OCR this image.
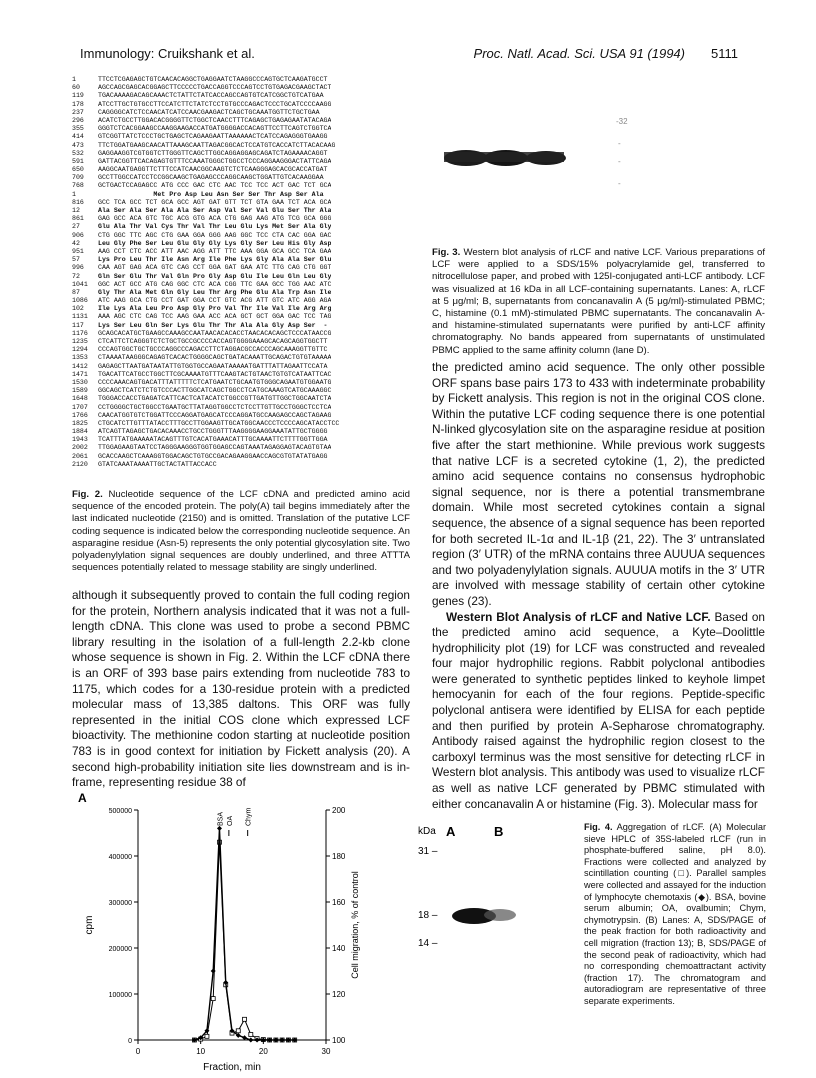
Immunology: Cruikshank et al.	Proc. Natl. Acad. Sci. USA 91 (1994) 5111
1	TTCCTCGAGAGCTGTCAACACAGGCTGAGGAATCTAAGGCCCAGTGCTCAAGATGCCT
60	AGCCAGCGAGCACGGAGCTTCCCCCTGACCAGGTCCCAGTCCTGTGAGACGAAGCTACT
119	TGACAAAAGACAGCAAACTCTATTCTATCACCAGCCAGTGTCATCGGCTGTCATGAA
178	ATCCTTGCTGTGCCTTCCATCTTCTATCTCCTGTGCCCAGACTCCCTGCATCCCCAAGG
237	CAGGGGCATCTCCAACATCATCCAACGAAGACTCAGCTGCAAATGGTTCTGCTGAA
296	ACATCTGCCTTGGACACGGGGTTCTGGCTCAACCTTTCAGAGCTGAGAGAATATACAGA
355	GGGTCTCACGGAAGCCAAGGAAGACCATGATGGGGACCACAGTTCCTTCAGTCTGGTCA
414	GTCGGTTATCTCCCTGCTGAGCTCAGAAGAATTAAAAAACTCATCCAGAGGGTGAAGG
473	TTCTGGATGAAGCAACATTAAAGCAATTAGACGGCACTCCATGTCACCATCTTACACAAG
532	GAGGAAGGTCGTGGTCTTGGGTTCAGCTTGGCAGGAGGAGCAGATCTAGAAAACAGGT
591	GATTACGGTTCACAGAGTGTTTCCAAATGGGCTGGCCTCCCAGGAAGGGACTATTCAGA
650	AAGGCAATGAGGTTCTTTCCATCAACGGCAAGTCTCTCAAGGGAGCACGCACCATGAT
709	GCCTTGGCCATCCTCCGGCAAGCTGAGAGCCCAGGCAAGCTGGATTGTCACAAGGAA
768	GCTGACTCCAGAGCC ATG CCC GAC CTC AAC TCC TCC ACT GAC TCT GCA
1	Met Pro Asp Leu Asn Ser Ser Thr Asp Ser Ala
816	GCC TCA GCC TCT GCA GCC AGT GAT GTT TCT GTA GAA TCT ACA GCA
12	Ala Ser Ala Ser Ala Ala Ser Asp Val Ser Val Glu Ser Thr Ala
861	GAG GCC ACA GTC TGC ACG GTG ACA CTG GAG AAG ATG TCG GCA GGG
27	Glu Ala Thr Val Cys Thr Val Thr Leu Glu Lys Met Ser Ala Gly
906	CTG GGC TTC AGC CTG GAA GGA GGG AAG GGC TCC CTA CAC GGA GAC
42	Leu Gly Phe Ser Leu Glu Gly Gly Lys Gly Ser Leu His Gly Asp
951	AAG CCT CTC ACC ATT AAC AGG ATT TTC AAA GGA GCA GCC TCA GAA
57	Lys Pro Leu Thr Ile Asn Arg Ile Phe Lys Gly Ala Ala Ser Glu
996	CAA AGT GAG ACA GTC CAG CCT GGA GAT GAA ATC TTG CAG CTG GGT
72	Gln Ser Glu Thr Val Gln Pro Gly Asp Glu Ile Leu Gln Leu Gly
1041	GGC ACT GCC ATG CAG GGC CTC ACA CGG TTC GAA GCC TGG AAC ATC
87	Gly Thr Ala Met Gln Gly Leu Thr Arg Phe Glu Ala Trp Asn Ile
1086	ATC AAG GCA CTG CCT GAT GGA CCT GTC ACG ATT GTC ATC AGG AGA
102	Ile Lys Ala Leu Pro Asp Gly Pro Val Thr Ile Val Ile Arg Arg
1131	AAA AGC CTC CAG TCC AAG GAA ACC ACA GCT GCT GGA GAC TCC TAG
117	Lys Ser Leu Gln Ser Lys Glu Thr Thr Ala Ala Gly Asp Ser  -
1176	GCAGCACATGCTGAAGCCAAAGCCAATAACACACACCTAACACACAGCTCCCATAACCG
1235	CTCATTCTCAGGGTCTCTGCTGCCGCCCCACCAGTGGGGAAAGCACAGCAGGTGGCTT
1294	CCCAGTGGCTGCTGCCCAGGCCCAGACCTTCTAGGACGCCACCCAGCAAAGGTTGTTC
1353	CTAAAATAAGGGCAGAGTCACACTGGGGCAGCTGATACAAATTGCAGACTGTGTAAAAA
1412	GAGAGCTTAATGATAATATTGTGGTGCCAGAATAAAAATGATTTATTAGAATTCCATA
1471	TGACATTCATGCCTGGCTTCGCAAAATGTTTCAAGTACTGTAACTGTGTCATAATTCAC
1530	CCCCAAACAGTGACATTTATTTTTCTCATGAATCTGCAATGTGGGCAGAATGTGGAATG
1589	GGCAGCTCATCTCTGTCCCACTTGGCATCAGCTGGCCTCATGCAAAGTCATGCAAAGGC
1648	TGGGACCACCTGAGATCATTCACTCATACATCTGGCCGTTGATGTTGGCTGGCAATCTA
1707	CCTGGGGCTGCTGGCCTGAATGCTTATAGGTGGCCTCTCCTTGTTGCCTGGGCTCCTCA
1766	CAACATGGTGTCTGGATTCCCAGGATGAGCATCCCAGGATGCCAAGAGCCAGCTAGAAG
1825	CTGCATCTTGTTTATACCTTTGCCTTGGAAGTTGCATGGCAACCCTCCCCAGCATACCTCC
1884	ATCAGTTAGAGCTGACACAAACCTGCCTGGGTTTAAGGGGAAGGAAATATTGCTGGGG
1943	TCATTTATGAAAAATACAGTTTGTCACATGAAACATTTGCAAAATTCTTTTGGTTGGA
2002	TTGGAGAAGTAATCCTAGGGAAGGGTGGTGGAGCCAGTAAATAGAGGAGTACAGTGTAA
2061	GCACCAAGCTCAAAGGTGGACAGCTGTGCCGACAGAAGGAACCAGCGTGTATATGAGG
2120	GTATCAAATAAAATTGCTACTATTACCACC
Fig. 2. Nucleotide sequence of the LCF cDNA and predicted amino acid sequence of the encoded protein. The poly(A) tail begins immediately after the last indicated nucleotide (2150) and is omitted. Translation of the putative LCF coding sequence is indicated below the corresponding nucleotide sequence. An asparagine residue (Asn-5) represents the only potential glycosylation site. Two polyadenylylation signal sequences are doubly underlined, and three ATTTA sequences potentially related to message stability are singly underlined.

although it subsequently proved to contain the full coding region for the protein, Northern analysis indicated that it was not a full-length cDNA. This clone was used to probe a second PBMC library resulting in the isolation of a full-length 2.2-kb clone whose sequence is shown in Fig. 2. Within the LCF cDNA there is an ORF of 393 base pairs extending from nucleotide 783 to 1175, which codes for a 130-residue protein with a predicted molecular mass of 13,385 daltons. This ORF was fully represented in the initial COS clone which expressed LCF bioactivity. The methionine codon starting at nucleotide position 783 is in good context for initiation by Fickett analysis (20). A second high-probability initiation site lies downstream and is in-frame, representing residue 38 of

-32
-
-
-
Fig. 3. Western blot analysis of rLCF and native LCF. Various preparations of LCF were applied to a SDS/15% polyacrylamide gel, transferred to nitrocellulose paper, and probed with 125I-conjugated anti-LCF antibody. LCF was visualized at 16 kDa in all LCF-containing supernatants. Lanes: A, rLCF at 5 μg/ml; B, supernatants from concanavalin A (5 μg/ml)-stimulated PBMC; C, histamine (0.1 mM)-stimulated PBMC supernatants. The concanavalin A- and histamine-stimulated supernatants were purified by anti-LCF affinity chromatography. No bands appeared from supernatants of unstimulated PBMC applied to the same affinity column (lane D).

the predicted amino acid sequence. The only other possible ORF spans base pairs 173 to 433 with indeterminate probability by Fickett analysis. This region is not in the original COS clone. Within the putative LCF coding sequence there is one potential N-linked glycosylation site on the asparagine residue at position five after the start methionine. While previous work suggests that native LCF is a secreted cytokine (1, 2), the predicted amino acid sequence contains no consensus hydrophobic signal sequence, nor is there a potential transmembrane domain. While most secreted cytokines contain a signal sequence, the absence of a signal sequence has been reported for both secreted IL-1α and IL-1β (21, 22). The 3′ untranslated region (3′ UTR) of the mRNA contains three AUUUA sequences and two polyadenylylation signals. AUUUA motifs in the 3′ UTR are involved with message stability of certain other cytokine genes (23).

Western Blot Analysis of rLCF and Native LCF. Based on the predicted amino acid sequence, a Kyte–Doolittle hydrophilicity plot (19) for LCF was constructed and revealed four major hydrophilic regions. Rabbit polyclonal antibodies were generated to synthetic peptides linked to keyhole limpet hemocyanin for each of the four regions. Peptide-specific polyclonal antisera were identified by ELISA for each peptide and then purified by protein A-Sepharose chromatography. Antibody raised against the hydrophilic region closest to the carboxyl terminus was the most sensitive for detecting rLCF in Western blot analysis. This antibody was used to visualize rLCF as well as native LCF generated by PBMC stimulated with either concanavalin A or histamine (Fig. 3). Molecular mass for

A
0	10	20	30
0
100000
200000
300000
400000
500000
100
120
140
160
180
200
Fraction, min
cpm	Cell migration, % of control
BSA OA Chym
kDa A	B
31 –
18 –
14 –
Fig. 4. Aggregation of rLCF. (A) Molecular sieve HPLC of 35S-labeled rLCF (run in phosphate-buffered saline, pH 8.0). Fractions were collected and analyzed by scintillation counting (□). Parallel samples were collected and assayed for the induction of lymphocyte chemotaxis (◆). BSA, bovine serum albumin; OA, ovalbumin; Chym, chymotrypsin. (B) Lanes: A, SDS/PAGE of the peak fraction for both radioactivity and cell migration (fraction 13); B, SDS/PAGE of the second peak of radioactivity, which had no corresponding chemoattractant activity (fraction 17). The chromatogram and autoradiogram are representative of three separate experiments.
